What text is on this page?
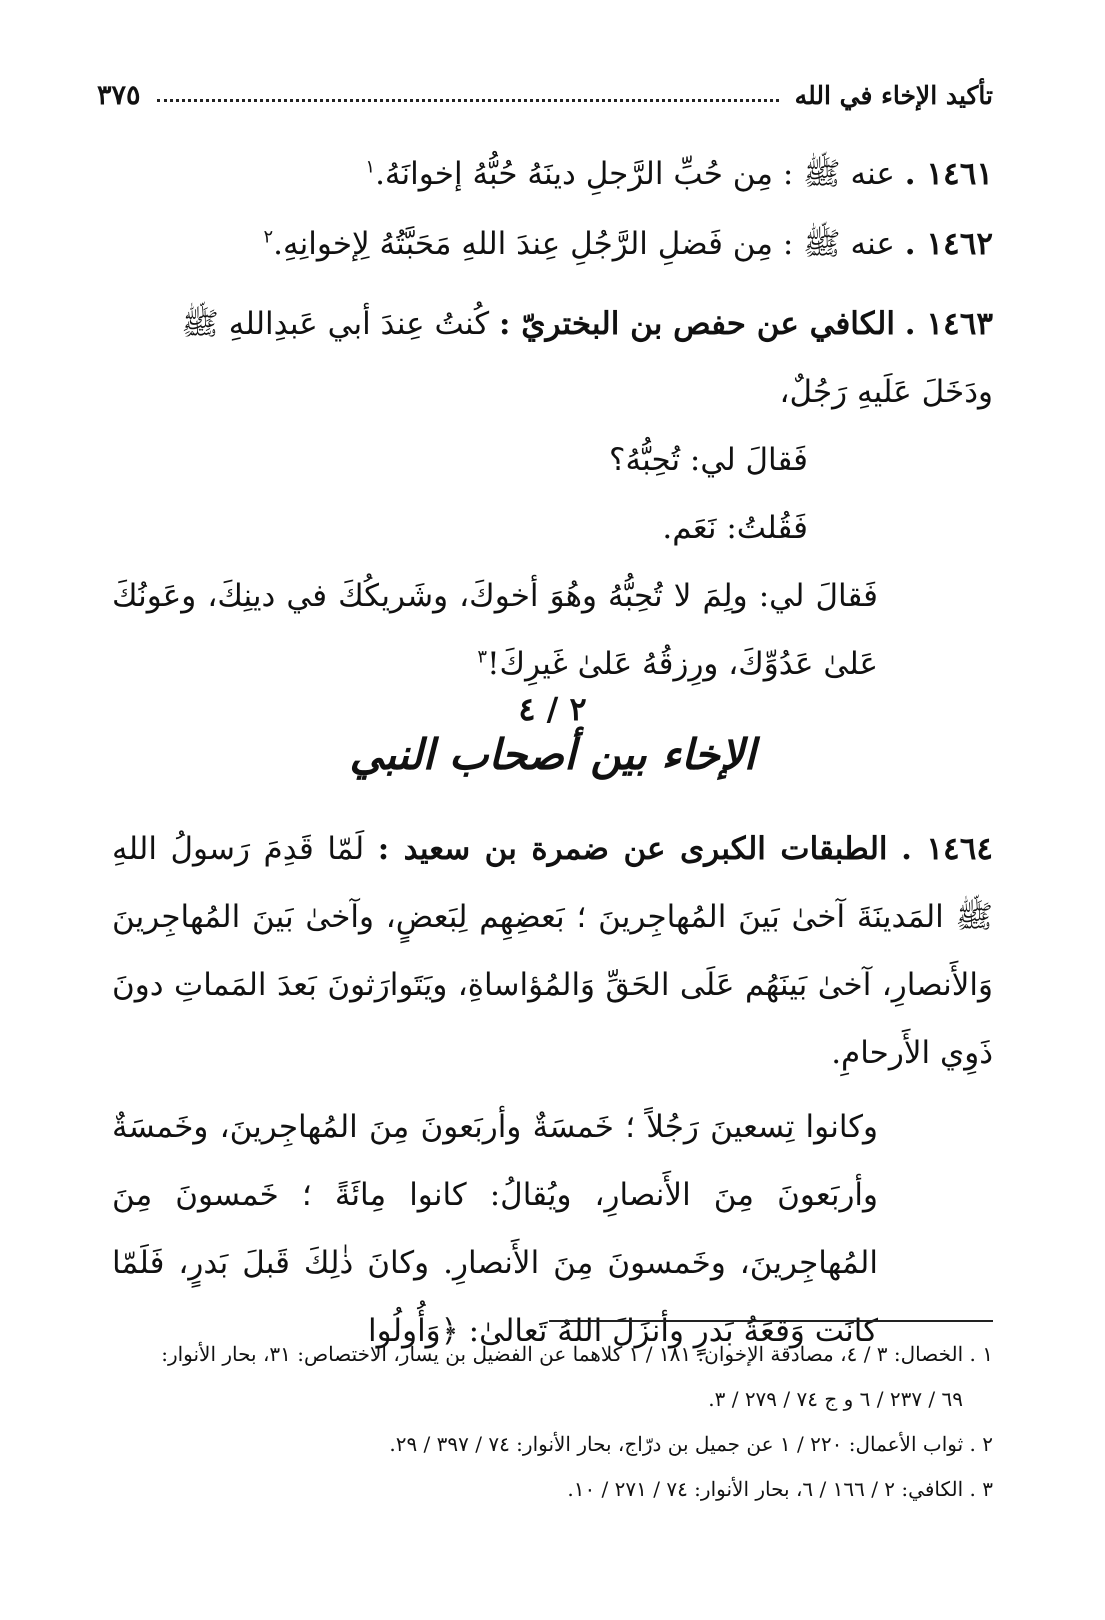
تأكيد الإخاء في الله
٣٧٥
١٤٦١ . عنه ﷺ : مِن حُبِّ الرَّجلِ دينَهُ حُبُّهُ إخوانَهُ.$^١$
١٤٦٢ . عنه ﷺ : مِن فَضلِ الرَّجُلِ عِندَ اللهِ مَحَبَّتُهُ لِإخوانِهِ.$^٢$
١٤٦٣ . الكافي عن حفص بن البختريّ : كُنتُ عِندَ أبي عَبدِاللهِ ﷺ ودَخَلَ عَلَيهِ رَجُلٌ،
فَقالَ لي: تُحِبُّهُ؟
فَقُلتُ: نَعَم.
فَقالَ لي: ولِمَ لا تُحِبُّهُ وهُوَ أخوكَ، وشَريكُكَ في دينِكَ، وعَونُكَ عَلىٰ عَدُوِّكَ، ورِزقُهُ عَلىٰ غَيرِكَ!$^٣$
٢ / ٤
الإخاء بين أصحاب النبي
١٤٦٤ . الطبقات الكبرى عن ضمرة بن سعيد : لَمّا قَدِمَ رَسولُ اللهِ ﷺ المَدينَةَ آخىٰ بَينَ المُهاجِرينَ ؛ بَعضِهِم لِبَعضٍ، وآخىٰ بَينَ المُهاجِرينَ وَالأَنصارِ، آخىٰ بَينَهُم عَلَى الحَقِّ وَالمُؤاساةِ، ويَتَوارَثونَ بَعدَ المَماتِ دونَ ذَوِي الأَرحامِ.
وكانوا تِسعينَ رَجُلاً ؛ خَمسَةٌ وأربَعونَ مِنَ المُهاجِرينَ، وخَمسَةٌ وأربَعونَ مِنَ الأَنصارِ، ويُقالُ: كانوا مِائَةً ؛ خَمسونَ مِنَ المُهاجِرينَ، وخَمسونَ مِنَ الأَنصارِ. وكانَ ذٰلِكَ قَبلَ بَدرٍ، فَلَمّا كانَت وَقعَةُ بَدرٍ وأنزَلَ اللهُ تَعالىٰ: ﴿وَأُولُوا

١ . الخصال: ٣ / ٤، مصادقة الإخوان: ١٨١ / ١ كلاهما عن الفضيل بن يسار، الاختصاص: ٣١، بحار الأنوار:

٦٩ / ٢٣٧ / ٦ و ج ٧٤ / ٢٧٩ / ٣.

٢ . ثواب الأعمال: ٢٢٠ / ١ عن جميل بن درّاج، بحار الأنوار: ٧٤ / ٣٩٧ / ٢٩.

٣ . الكافي: ٢ / ١٦٦ / ٦، بحار الأنوار: ٧٤ / ٢٧١ / ١٠.
